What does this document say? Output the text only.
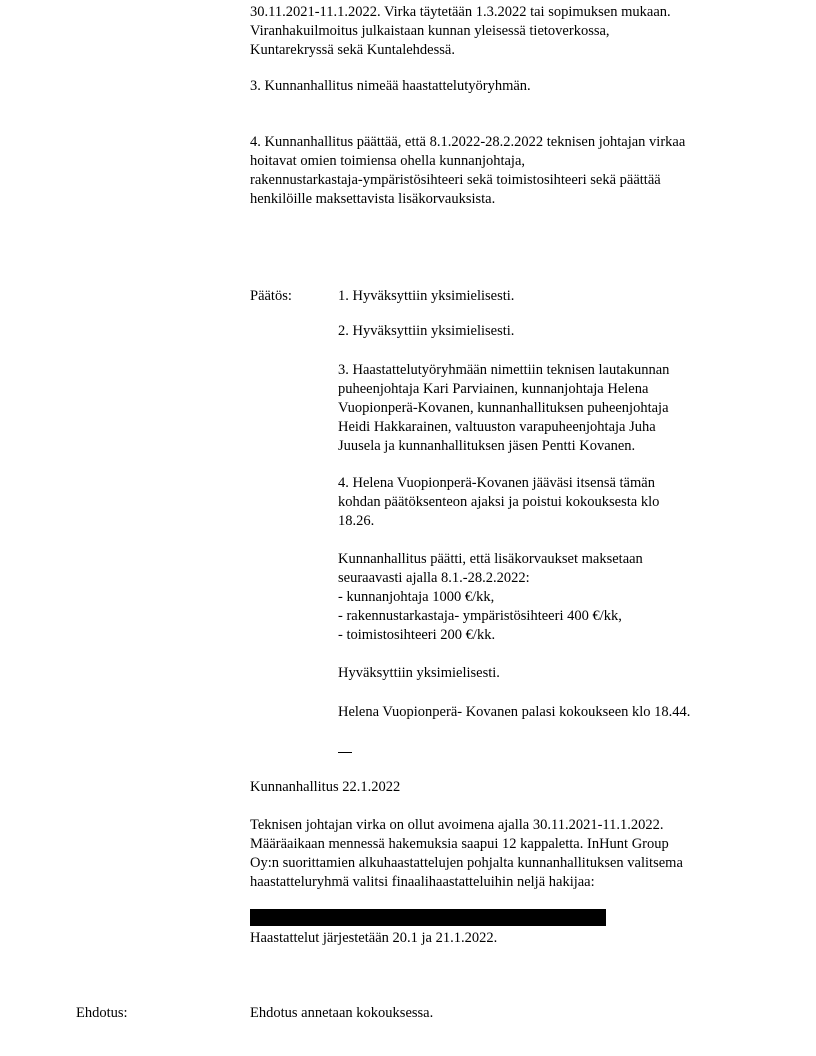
30.11.2021-11.1.2022. Virka täytetään 1.3.2022 tai sopimuksen mukaan.
Viranhakuilmoitus julkaistaan kunnan yleisessä tietoverkossa,
Kuntarekryssä sekä Kuntalehdessä.

3. Kunnanhallitus nimeää haastattelutyöryhmän.

4. Kunnanhallitus päättää, että 8.1.2022-28.2.2022 teknisen johtajan virkaa
hoitavat omien toimiensa ohella kunnanjohtaja,
rakennustarkastaja-ympäristösihteeri sekä toimistosihteeri sekä päättää
henkilöille maksettavista lisäkorvauksista.

Päätös:	1. Hyväksyttiin yksimielisesti.

2. Hyväksyttiin yksimielisesti.

3. Haastattelutyöryhmään nimettiin teknisen lautakunnan
puheenjohtaja Kari Parviainen, kunnanjohtaja Helena
Vuopionperä-Kovanen, kunnanhallituksen puheenjohtaja
Heidi Hakkarainen, valtuuston varapuheenjohtaja Juha
Juusela ja kunnanhallituksen jäsen Pentti Kovanen.

4. Helena Vuopionperä-Kovanen jääväsi itsensä tämän
kohdan päätöksenteon ajaksi ja poistui kokouksesta klo
18.26.

Kunnanhallitus päätti, että lisäkorvaukset maksetaan
seuraavasti ajalla 8.1.-28.2.2022:
- kunnanjohtaja 1000 €/kk,
- rakennustarkastaja- ympäristösihteeri 400 €/kk,
- toimistosihteeri 200 €/kk.

Hyväksyttiin yksimielisesti.

Helena Vuopionperä- Kovanen palasi kokoukseen klo 18.44.

Kunnanhallitus 22.1.2022

Teknisen johtajan virka on ollut avoimena ajalla 30.11.2021-11.1.2022.
Määräaikaan mennessä hakemuksia saapui 12 kappaletta. InHunt Group
Oy:n suorittamien alkuhaastattelujen pohjalta kunnanhallituksen valitsema
haastatteluryhmä valitsi finaalihaastatteluihin neljä hakijaa:

Haastattelut järjestetään 20.1 ja 21.1.2022.

Ehdotus:	Ehdotus annetaan kokouksessa.
